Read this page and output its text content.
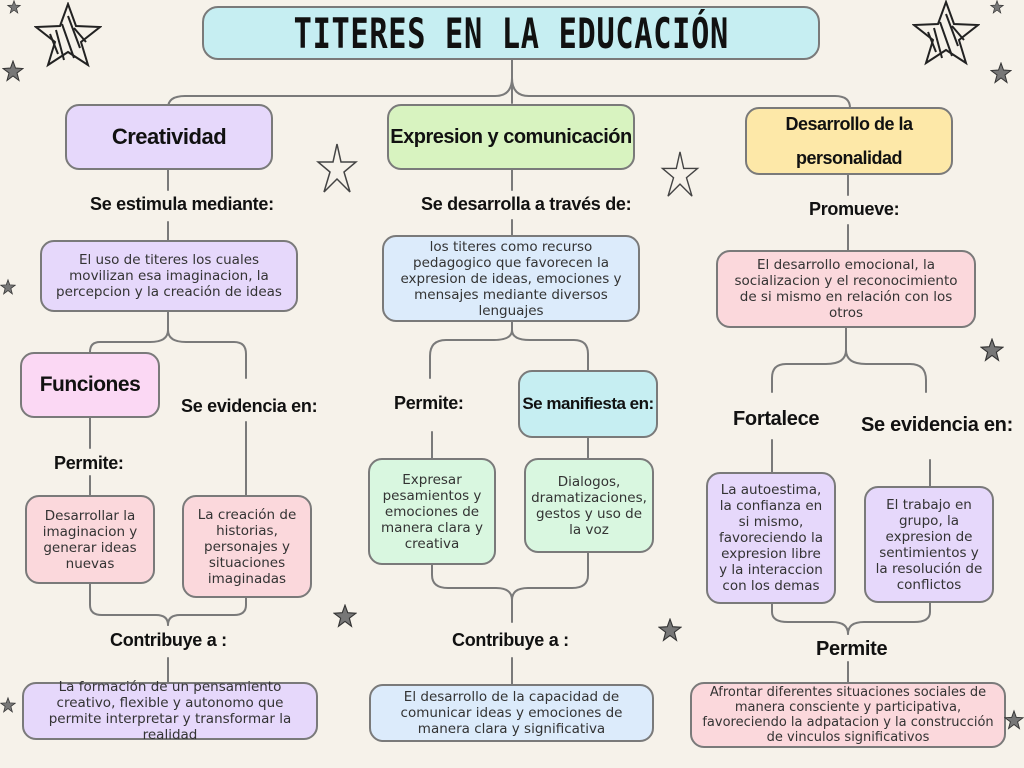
TITERES EN LA EDUCACIÓN
Creatividad
Se estimula mediante:
El uso de titeres los cuales movilizan esa imaginacion, la percepcion y la creación de ideas
Funciones
Se evidencia en:
Permite:
Desarrollar la imaginacion y generar ideas nuevas
La creación de historias, personajes y situaciones imaginadas
Contribuye a :
La formación de un pensamiento creativo, flexible y autonomo que permite interpretar y transformar la realidad
Expresion y comunicación
Se desarrolla a través de:
los titeres como recurso pedagogico que favorecen la expresion de ideas, emociones y mensajes mediante diversos lenguajes
Permite:	Se manifiesta en:
Expresar pesamientos y emociones de manera clara y creativa
Dialogos, dramatizaciones, gestos y uso de la voz
Contribuye a :
El desarrollo de la capacidad de comunicar ideas y emociones de manera clara y significativa
Desarrollo de la personalidad
Promueve:
El desarrollo emocional, la socializacion y el reconocimiento de si mismo en relación con los otros
Fortalece Se evidencia en:
La autoestima, la confianza en si mismo, favoreciendo la expresion libre y la interaccion con los demas
El trabajo en grupo, la expresion de sentimientos y la resolución de conflictos
Permite
Afrontar diferentes situaciones sociales de manera consciente y participativa, favoreciendo la adpatacion y la construcción de vinculos significativos
